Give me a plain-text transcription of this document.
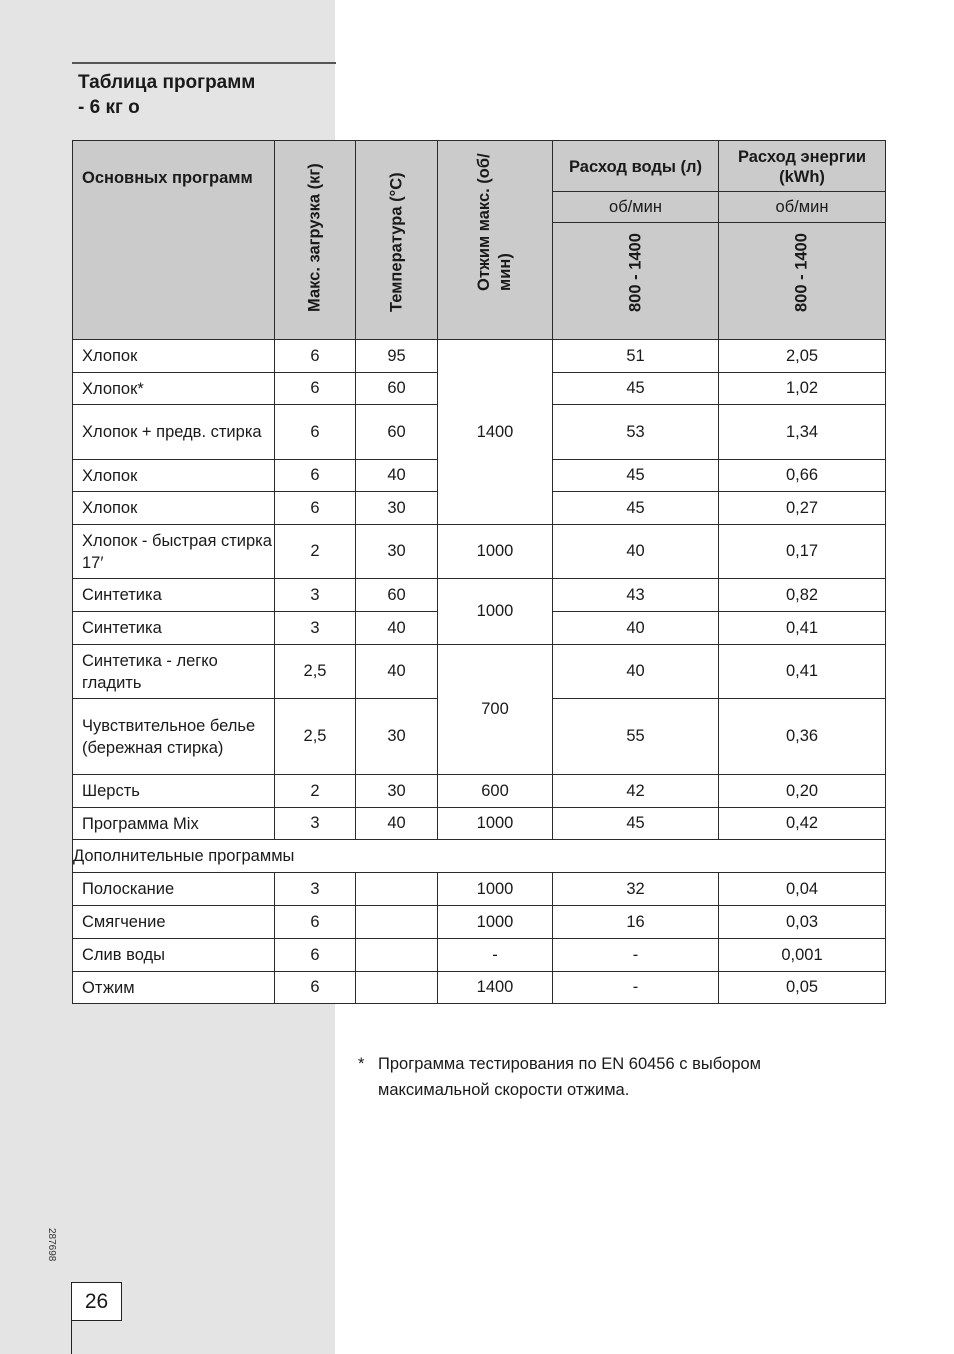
Таблица программ
- 6 кг о
Основных программ	Макс. загрузка (кг)	Температура (°C)	Отжим макс. (об/мин)	Расход воды (л)	Расход энергии (kWh)
				об/мин	об/мин

				800 - 1400	800 - 1400

Хлопок	6	95	1400	51	2,05
Хлопок*	6	60		45	1,02
Хлопок + предв. стирка	6	60		53	1,34
Хлопок	6	40		45	0,66
Хлопок	6	30		45	0,27
Хлопок - быстрая стирка 17′	2	30	1000	40	0,17
Синтетика	3	60	1000	43	0,82
Синтетика	3	40		40	0,41
Синтетика - легко гладить	2,5	40	700	40	0,41
Чувствительное белье (бережная стирка)	2,5	30		55	0,36
Шерсть	2	30	600	42	0,20
Программа Mix	3	40	1000	45	0,42
Дополнительные программы					
Полоскание	3		1000	32	0,04
Смягчение	6		1000	16	0,03
Слив воды	6		-	-	0,001
Отжим	6		1400	-	0,05
* Программа тестирования по EN 60456 с выбором максимальной скорости отжима.
287698
26
